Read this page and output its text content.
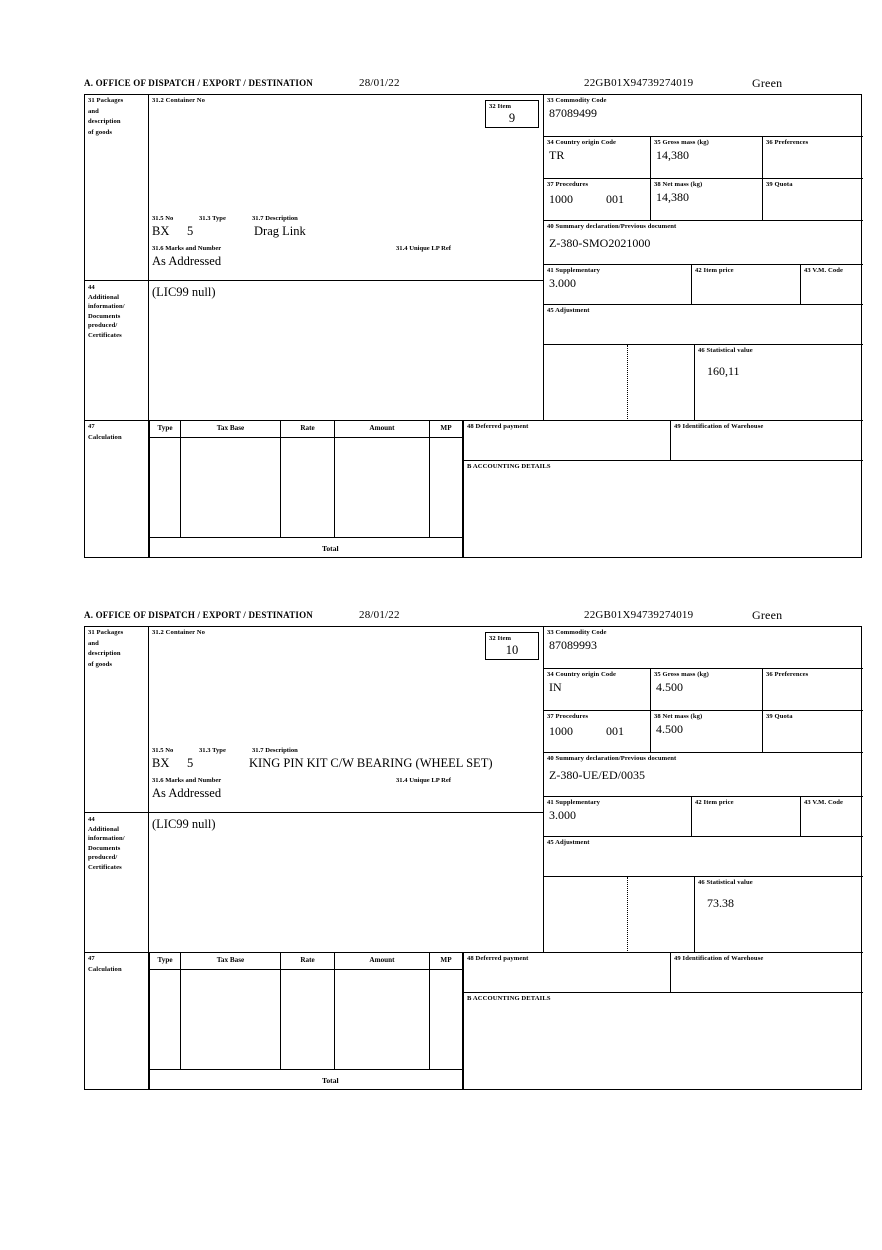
A. OFFICE OF DISPATCH / EXPORT / DESTINATION	28/01/22	22GB01X94739274019	Green
31 Packages
and
description
of goods
31.2 Container No
31.5 No	31.3 Type	31.7 Description
BX 5	Drag Link
31.6 Marks and Number	31.4 Unique LP Ref
As Addressed
32 Item
9
33 Commodity Code
87089499
34 Country origin Code
TR
35 Gross mass (kg)
14,380
36 Preferences
37 Procedures
1000	001
38 Net mass (kg)
14,380
39 Quota
40 Summary declaration/Previous document
Z-380-SMO2021000
41 Supplementary
3.000
42 Item price	43 V.M. Code
44
Additional
information/
Documents
produced/
Certificates
(LIC99 null)
45 Adjustment
46 Statistical value
160,11
47
Calculation
Type	Tax Base	Rate	Amount	MP
Total
48 Deferred payment	49 Identification of Warehouse
B ACCOUNTING DETAILS
A. OFFICE OF DISPATCH / EXPORT / DESTINATION	28/01/22	22GB01X94739274019	Green
31 Packages
and
description
of goods
31.2 Container No
31.5 No	31.3 Type	31.7 Description
BX 5	KING PIN KIT C/W BEARING (WHEEL SET)
31.6 Marks and Number	31.4 Unique LP Ref
As Addressed
32 Item
10
33 Commodity Code
87089993
34 Country origin Code
IN
35 Gross mass (kg)
4.500
36 Preferences
37 Procedures
1000	001
38 Net mass (kg)
4.500
39 Quota
40 Summary declaration/Previous document
Z-380-UE/ED/0035
41 Supplementary
3.000
42 Item price	43 V.M. Code
44
Additional
information/
Documents
produced/
Certificates
(LIC99 null)
45 Adjustment
46 Statistical value
73.38
47
Calculation
Type	Tax Base	Rate	Amount	MP
Total
48 Deferred payment	49 Identification of Warehouse
B ACCOUNTING DETAILS
